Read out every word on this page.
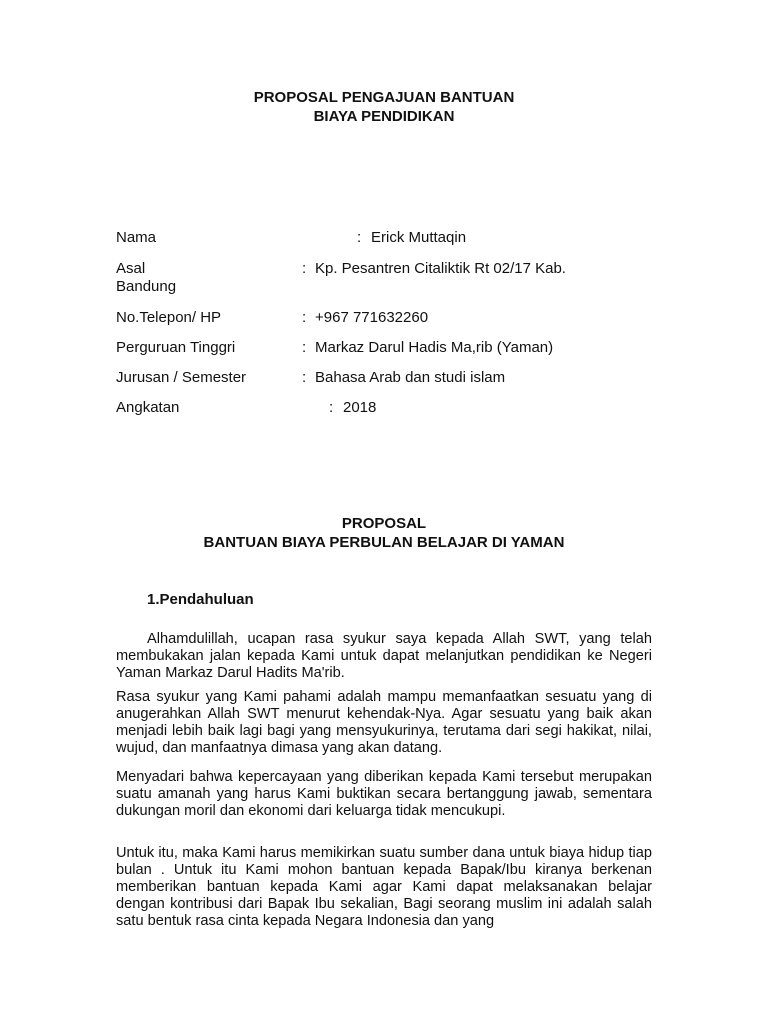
PROPOSAL PENGAJUAN BANTUAN
BIAYA PENDIDIKAN
Nama	: Erick Muttaqin
Asal	: Kp. Pesantren Citaliktik Rt 02/17 Kab.
Bandung
No.Telepon/ HP	: +967 771632260
Perguruan Tinggri	: Markaz Darul Hadis Ma,rib (Yaman)
Jurusan / Semester	: Bahasa Arab dan studi islam
Angkatan	: 2018
PROPOSAL
BANTUAN BIAYA PERBULAN BELAJAR DI YAMAN
1.Pendahuluan

Alhamdulillah, ucapan rasa syukur saya kepada Allah SWT, yang telah membukakan jalan kepada Kami untuk dapat melanjutkan pendidikan ke Negeri Yaman Markaz Darul Hadits Ma'rib.

Rasa syukur yang Kami pahami adalah mampu memanfaatkan sesuatu yang di anugerahkan Allah SWT menurut kehendak-Nya. Agar sesuatu yang baik akan menjadi lebih baik lagi bagi yang mensyukurinya, terutama dari segi hakikat, nilai, wujud, dan manfaatnya dimasa yang akan datang.

Menyadari bahwa kepercayaan yang diberikan kepada Kami tersebut merupakan suatu amanah yang harus Kami buktikan secara bertanggung jawab, sementara dukungan moril dan ekonomi dari keluarga tidak mencukupi.

Untuk itu, maka Kami harus memikirkan suatu sumber dana untuk biaya hidup tiap bulan . Untuk itu Kami mohon bantuan kepada Bapak/Ibu kiranya berkenan memberikan bantuan kepada Kami agar Kami dapat melaksanakan belajar dengan kontribusi dari Bapak Ibu sekalian, Bagi seorang muslim ini adalah salah satu bentuk rasa cinta kepada Negara Indonesia dan yang
